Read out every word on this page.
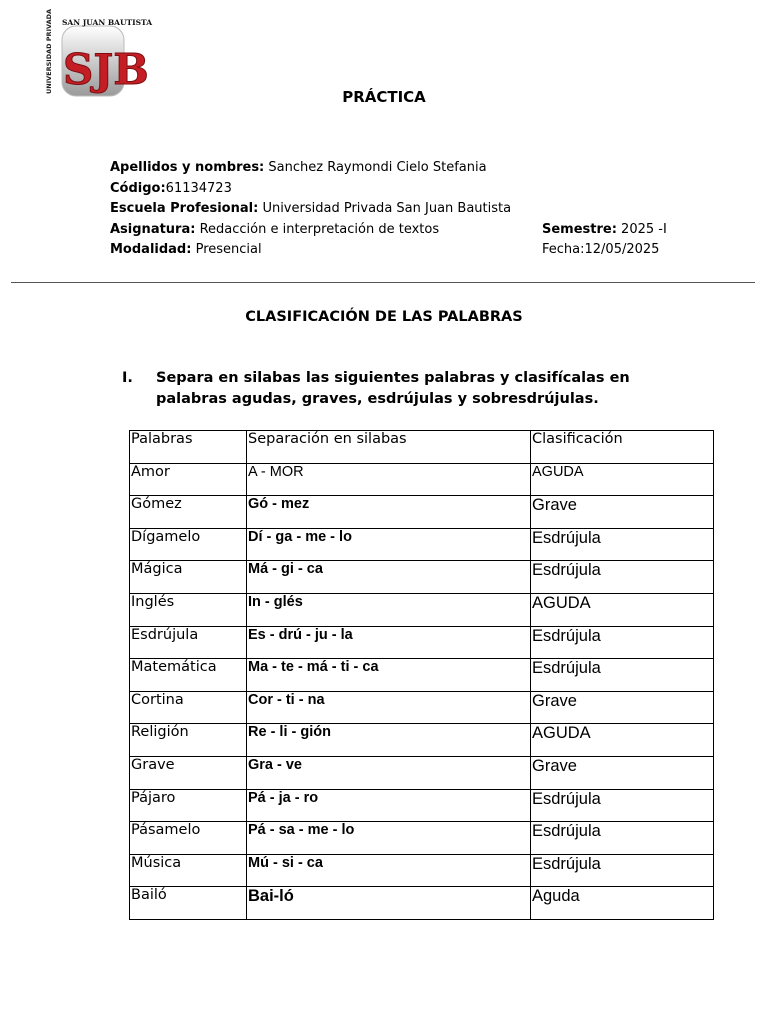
UNIVERSIDAD PRIVADA SAN JUAN BAUTISTA
SJB
PRÁCTICA
Apellidos y nombres: Sanchez Raymondi Cielo Stefania
Código:61134723
Escuela Profesional: Universidad Privada San Juan Bautista
Asignatura: Redacción e interpretación de textos	Semestre: 2025 -I
Modalidad: Presencial	Fecha:12/05/2025
CLASIFICACIÓN DE LAS PALABRAS
I. Separa en silabas las siguientes palabras y clasifícalas en palabras agudas, graves, esdrújulas y sobresdrújulas.
Palabras	Separación en silabas	Clasificación
Amor	A - MOR	AGUDA
Gómez	Gó - mez	Grave
Dígamelo	Dí - ga - me - lo	Esdrújula
Mágica	Má - gi - ca	Esdrújula
Inglés	In - glés	AGUDA
Esdrújula	Es - drú - ju - la	Esdrújula
Matemática	Ma - te - má - ti - ca	Esdrújula
Cortina	Cor - ti - na	Grave
Religión	Re - li - gión	AGUDA
Grave	Gra - ve	Grave
Pájaro	Pá - ja - ro	Esdrújula
Pásamelo	Pá - sa - me - lo	Esdrújula
Música	Mú - si - ca	Esdrújula
Bailó	Bai-ló	Aguda
